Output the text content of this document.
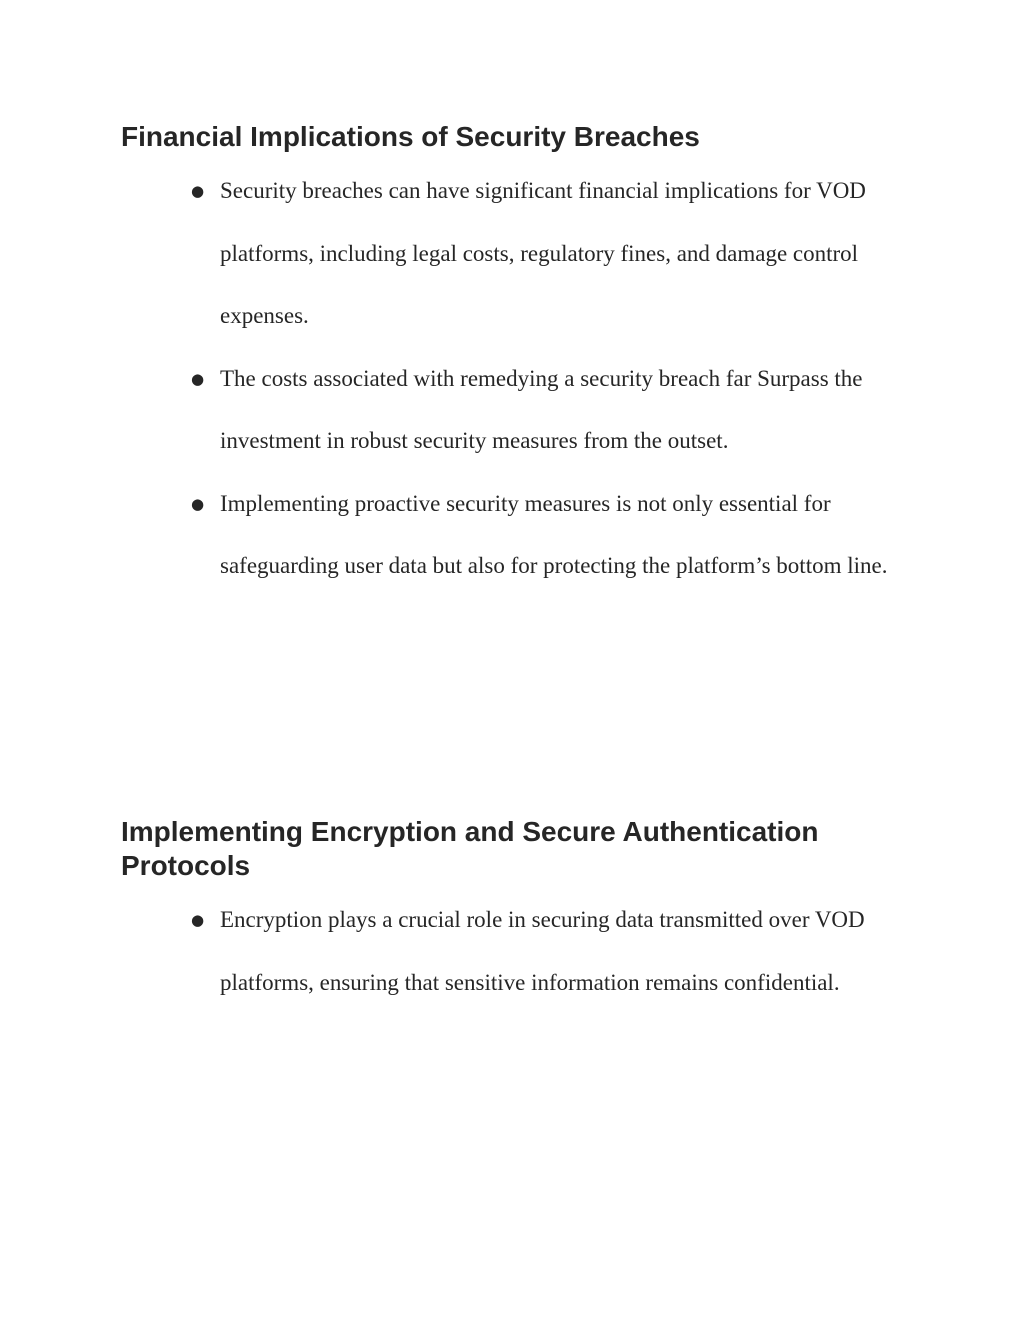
Financial Implications of Security Breaches
● Security breaches can have significant financial implications for VOD platforms, including legal costs, regulatory fines, and damage control expenses.
● The costs associated with remedying a security breach far Surpass the investment in robust security measures from the outset.
● Implementing proactive security measures is not only essential for safeguarding user data but also for protecting the platform’s bottom line.
Implementing Encryption and Secure Authentication Protocols
● Encryption plays a crucial role in securing data transmitted over VOD platforms, ensuring that sensitive information remains confidential.
